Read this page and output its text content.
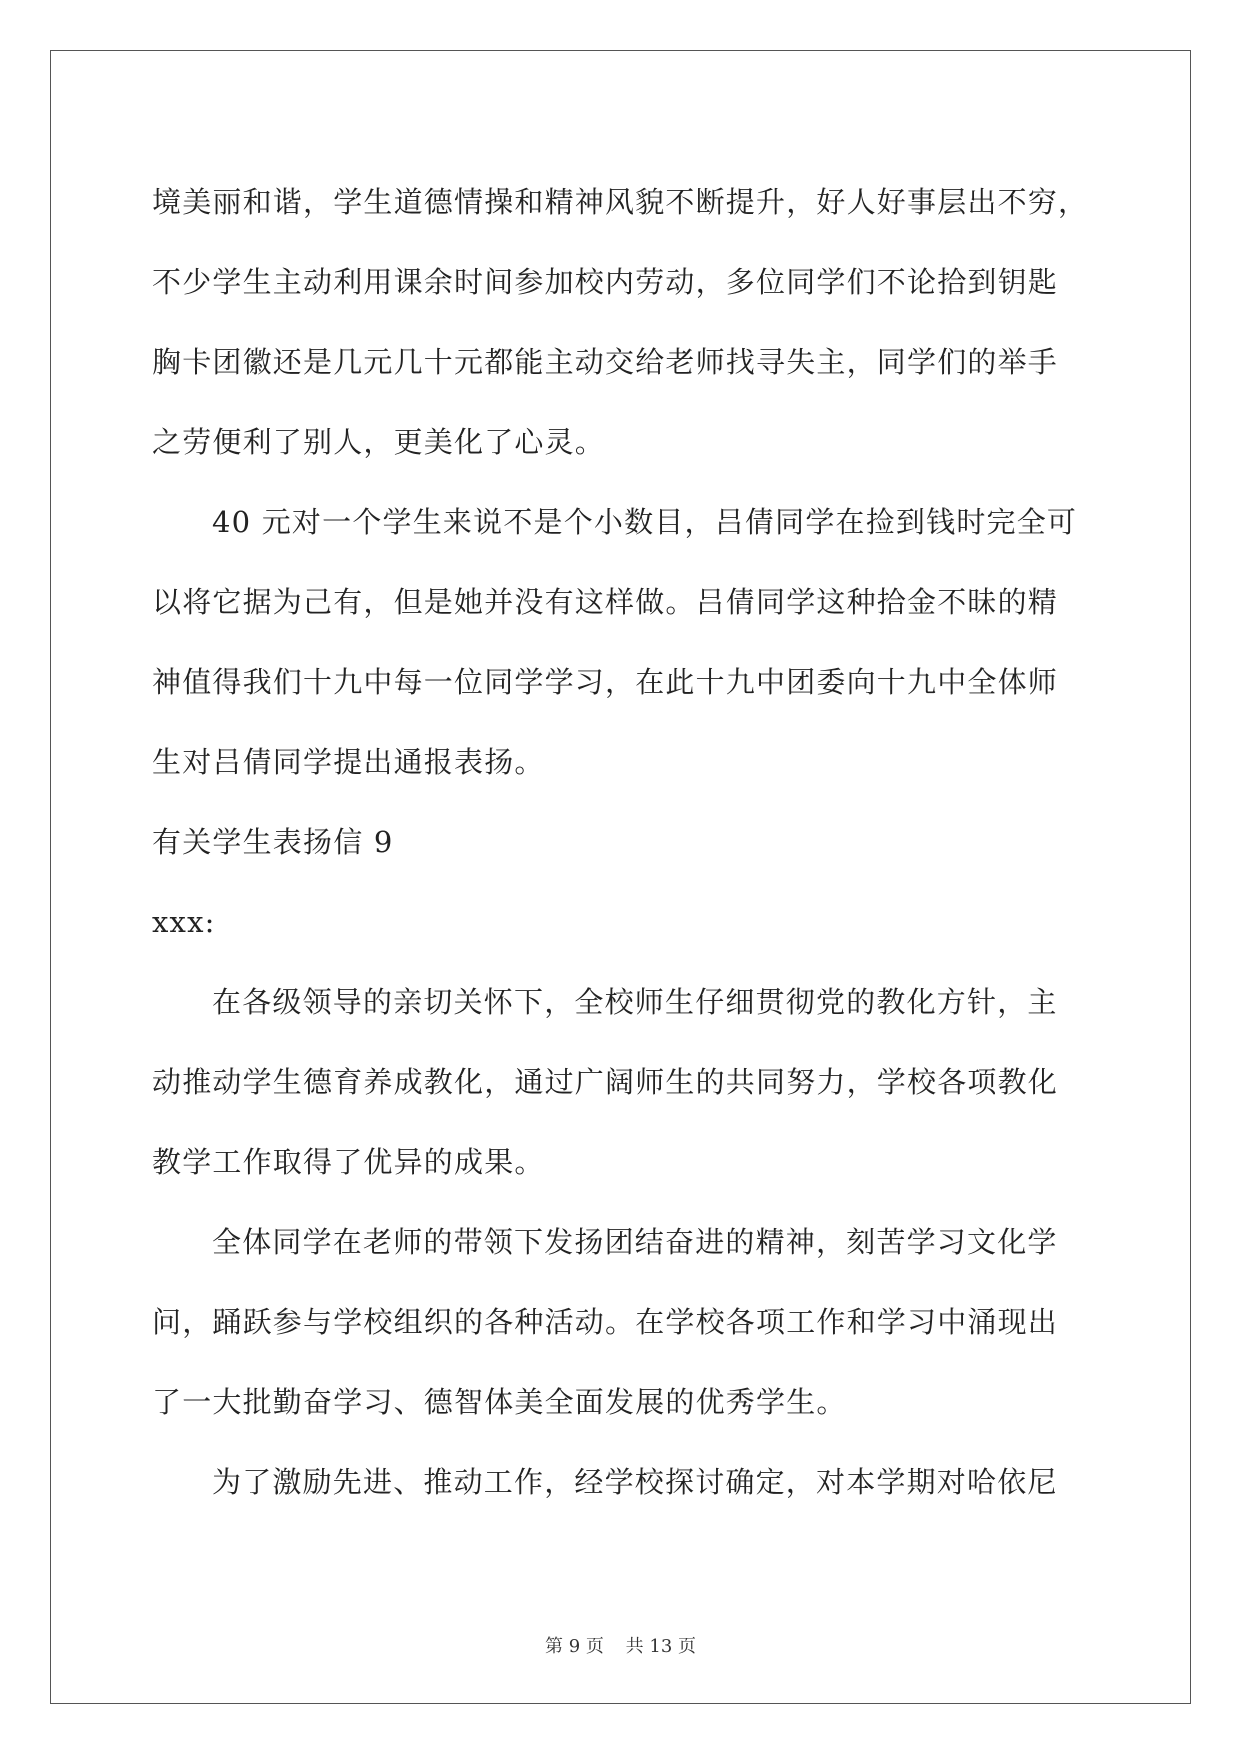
境美丽和谐，学生道德情操和精神风貌不断提升，好人好事层出不穷，
不少学生主动利用课余时间参加校内劳动，多位同学们不论拾到钥匙
胸卡团徽还是几元几十元都能主动交给老师找寻失主，同学们的举手
之劳便利了别人，更美化了心灵。
40 元对一个学生来说不是个小数目，吕倩同学在捡到钱时完全可
以将它据为己有，但是她并没有这样做。吕倩同学这种拾金不昧的精
神值得我们十九中每一位同学学习，在此十九中团委向十九中全体师
生对吕倩同学提出通报表扬。
有关学生表扬信 9
xxx:
在各级领导的亲切关怀下，全校师生仔细贯彻党的教化方针，主
动推动学生德育养成教化，通过广阔师生的共同努力，学校各项教化
教学工作取得了优异的成果。
全体同学在老师的带领下发扬团结奋进的精神，刻苦学习文化学
问，踊跃参与学校组织的各种活动。在学校各项工作和学习中涌现出
了一大批勤奋学习、德智体美全面发展的优秀学生。
为了激励先进、推动工作，经学校探讨确定，对本学期对哈依尼
第 9 页 共 13 页
